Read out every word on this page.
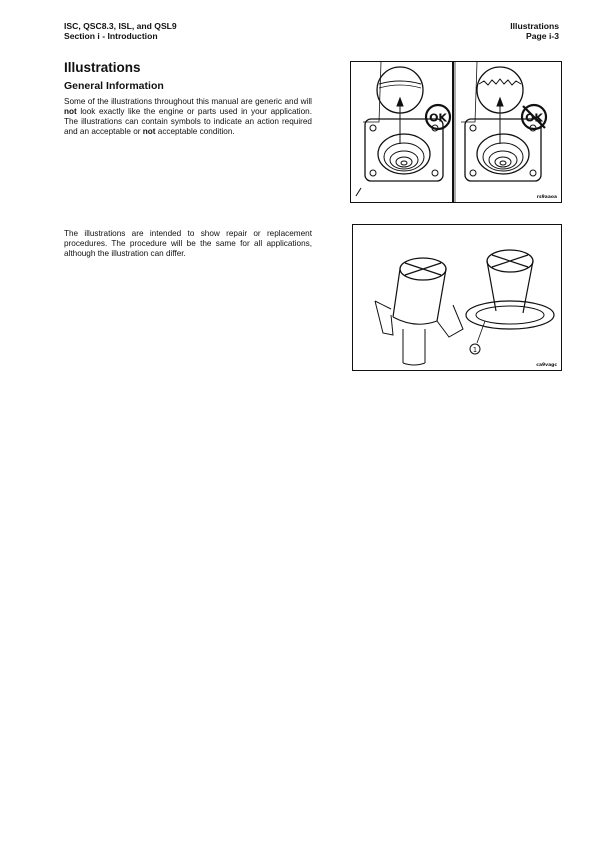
ISC, QSC8.3, ISL, and QSL9
Section i - Introduction
Illustrations
Page i-3
Illustrations
General Information

Some of the illustrations throughout this manual are generic and will not look exactly like the engine or parts used in your application. The illustrations can contain symbols to indicate an action required and an acceptable or not acceptable condition.

The illustrations are intended to show repair or replacement procedures. The procedure will be the same for all applications, although the illustration can differ.

OK	OK
rs9aaoa
1
ca9vagc
